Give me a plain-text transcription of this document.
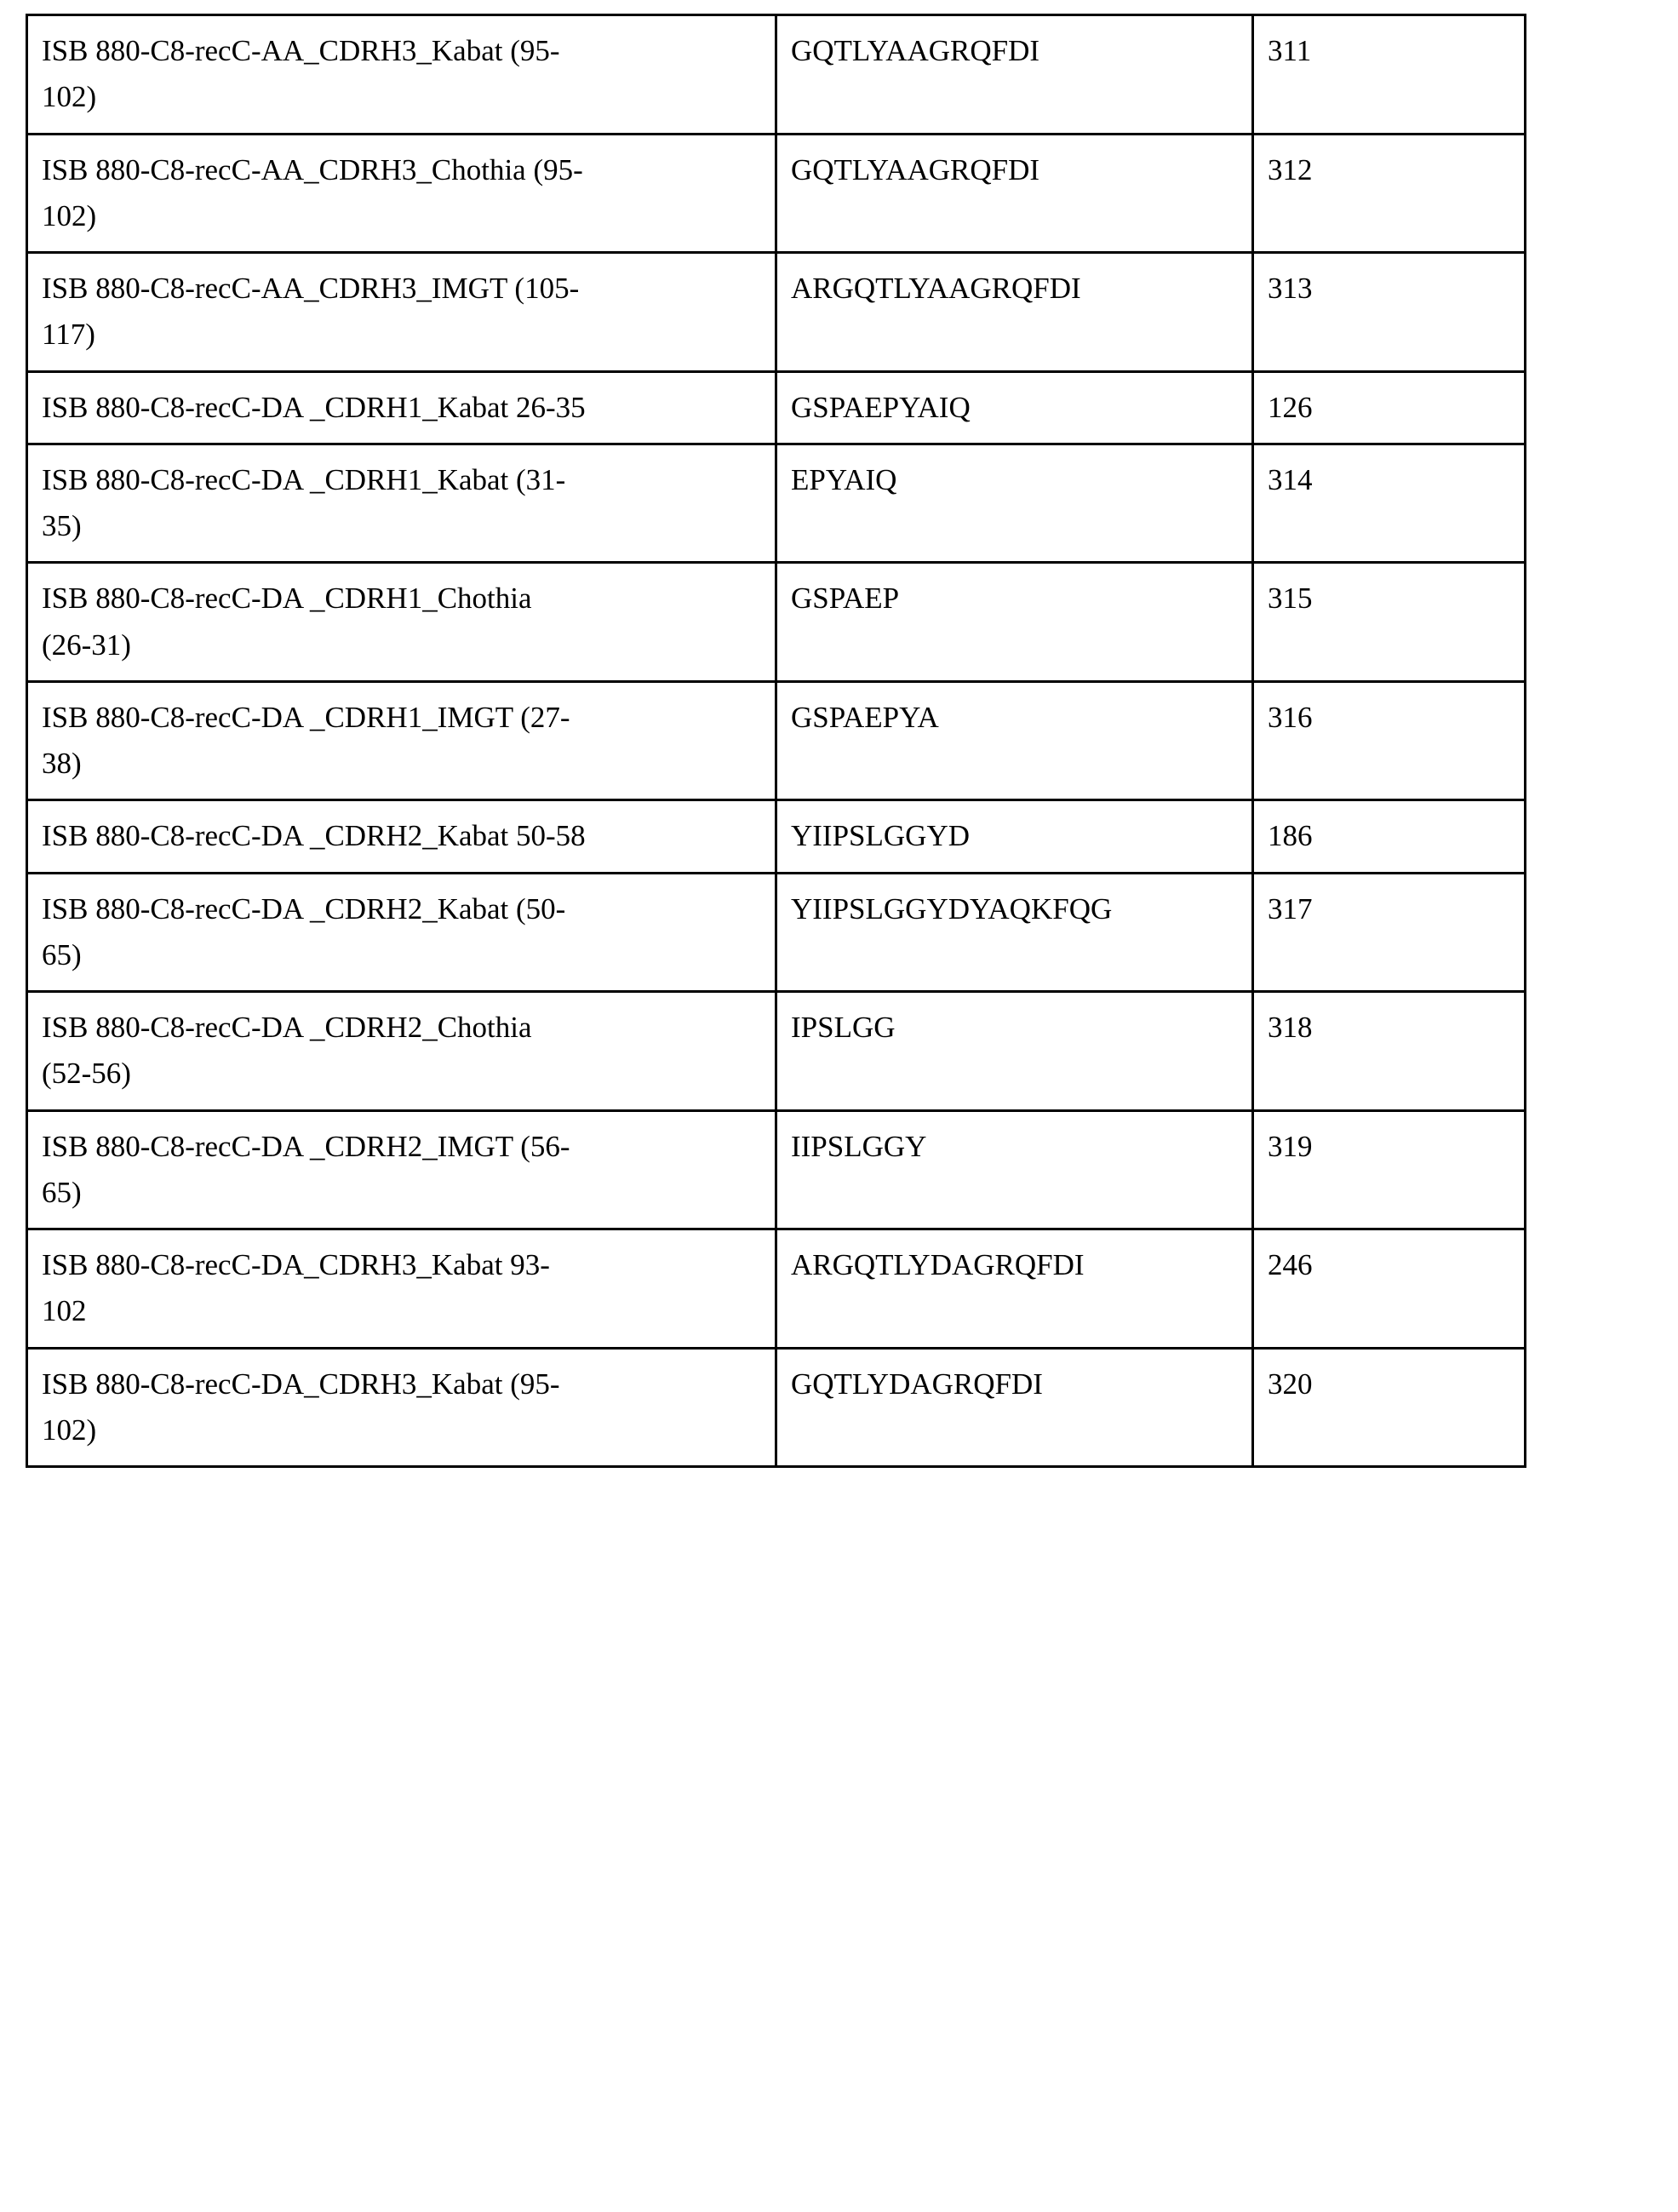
ISB 880-C8-recC-AA_CDRH3_Kabat (95-
102)	GQTLYAAGRQFDI	311
ISB 880-C8-recC-AA_CDRH3_Chothia (95-
102)	GQTLYAAGRQFDI	312
ISB 880-C8-recC-AA_CDRH3_IMGT (105-
117)	ARGQTLYAAGRQFDI	313
ISB 880-C8-recC-DA _CDRH1_Kabat 26-35	GSPAEPYAIQ	126
ISB 880-C8-recC-DA _CDRH1_Kabat (31-
35)	EPYAIQ	314
ISB 880-C8-recC-DA _CDRH1_Chothia
(26-31)	GSPAEP	315
ISB 880-C8-recC-DA _CDRH1_IMGT (27-
38)	GSPAEPYA	316
ISB 880-C8-recC-DA _CDRH2_Kabat 50-58	YIIPSLGGYD	186
ISB 880-C8-recC-DA _CDRH2_Kabat (50-
65)	YIIPSLGGYDYAQKFQG	317
ISB 880-C8-recC-DA _CDRH2_Chothia
(52-56)	IPSLGG	318
ISB 880-C8-recC-DA _CDRH2_IMGT (56-
65)	IIPSLGGY	319
ISB 880-C8-recC-DA_CDRH3_Kabat 93-
102	ARGQTLYDAGRQFDI	246
ISB 880-C8-recC-DA_CDRH3_Kabat (95-
102)	GQTLYDAGRQFDI	320
